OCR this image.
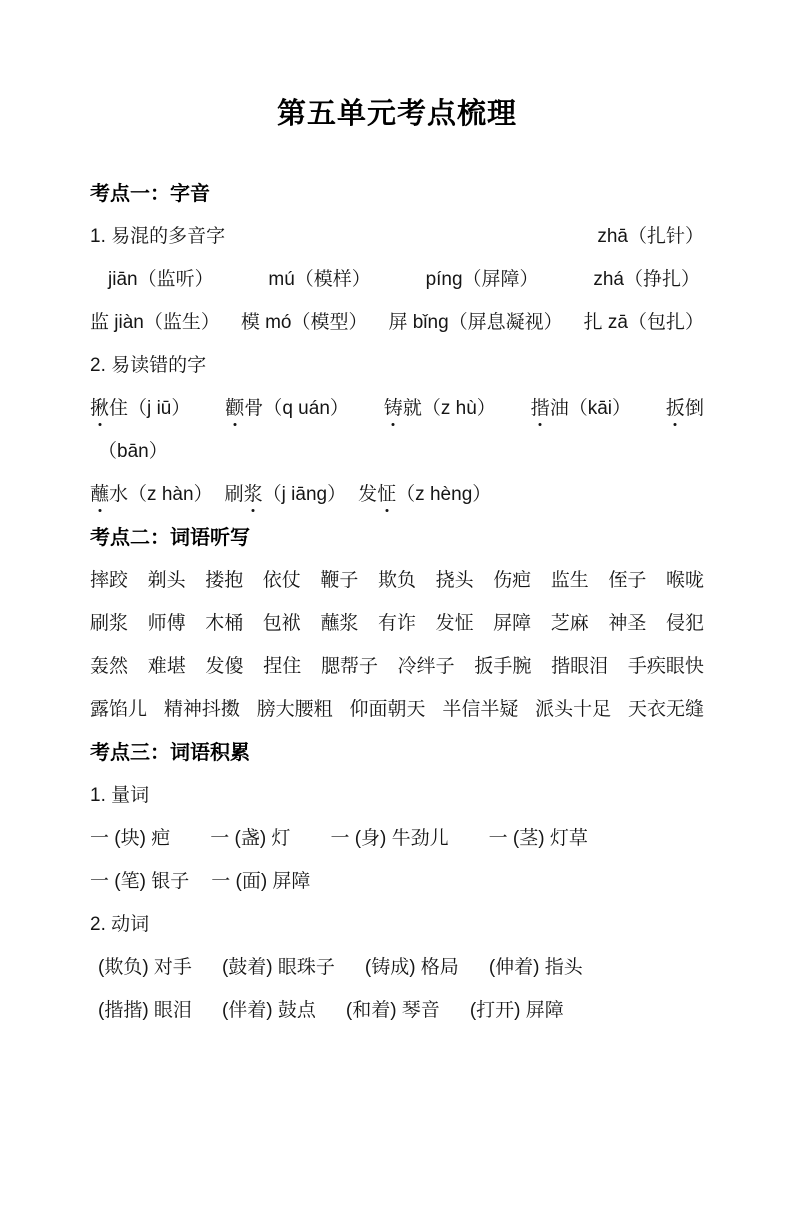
第五单元考点梳理
考点一：字音
1. 易混的多音字	zhā（扎针）
jiān（监听）	mú（模样）	píng（屏障）	zhá（挣扎）
监 jiàn（监生） 模 mó（模型） 屏 bǐng（屏息凝视） 扎 zā（包扎）
2. 易读错的字
揪住（j iū） 颧骨（q uán） 铸就（z hù） 揩油（kāi） 扳倒
（bān）
蘸水（z hàn） 刷浆（j iāng） 发怔（z hèng）
考点二：词语听写
摔跤 剃头 搂抱 依仗 鞭子 欺负 挠头 伤疤 监生 侄子 喉咙
刷浆 师傅 木桶 包袱 蘸浆 有诈 发怔 屏障 芝麻 神圣 侵犯
轰然 难堪 发傻 捏住 腮帮子 冷绊子 扳手腕 揩眼泪 手疾眼快
露馅儿 精神抖擞 膀大腰粗 仰面朝天 半信半疑 派头十足 天衣无缝
考点三：词语积累
1. 量词
一 (块) 疤 一 (盏) 灯 一 (身) 牛劲儿 一 (茎) 灯草
一 (笔) 银子 一 (面) 屏障
2. 动词
(欺负) 对手 (鼓着) 眼珠子 (铸成) 格局 (伸着) 指头
(揩揩) 眼泪 (伴着) 鼓点 (和着) 琴音 (打开) 屏障
